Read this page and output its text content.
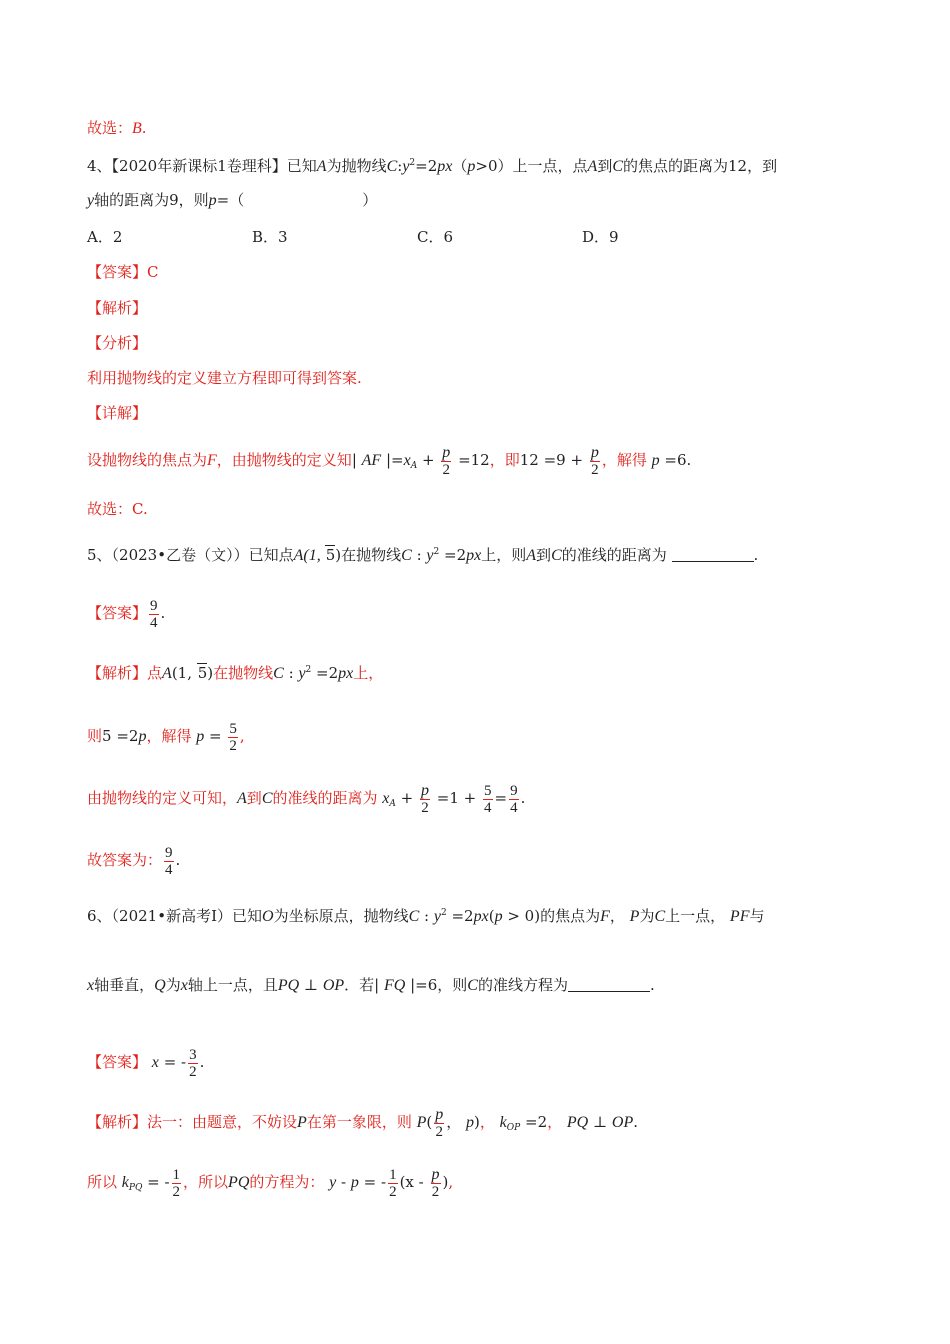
故选：B.
4、【2020年新课标1卷理科】已知A为抛物线$C:y^2=2px(p>0)$上一点，点A到C的焦点的距离为12，到
y轴的距离为9，则p=（	）
A．2	B．3	C．6	D．9
【答案】C
【解析】
【分析】
利用抛物线的定义建立方程即可得到答案.
【详解】
设抛物线的焦点为F，由抛物线的定义知| AF $|=x_A + \frac{p}{2} =12$，即$12 =9 + \frac{p}{2}$ ，解得 p =6.
故选：C.
5、（2023•乙卷（文））已知点A(1, 5)在抛物线C : $y^2 =2px$上，则A到C的准线的距离为	.
【答案】 $\frac{9}{4}$ .
【解析】点A(1, 5)在抛物线C : $y^2 =2px$上，
则5 =2p，解得 $p = \frac{5}{2}$ ,
由抛物线的定义可知，A到C的准线的距离为 $x_A + \frac{p}{2} =1 + \frac{5}{4} = \frac{9}{4}$ .
故答案为： $\frac{9}{4}$ .
6、（2021•新高考Ⅰ）已知O为坐标原点，抛物线C : $y^2 =2px(p > 0)$的焦点为F， P为C上一点， PF与
x轴垂直，Q为x轴上一点，且PQ ⊥ OP．若| FQ |=6，则C的准线方程为	.
【答案】 x = - $\frac{3}{2}$ .
【解析】法一：由题意，不妨设P在第一象限，则 $P( \frac{p}{2}$ ， p)， $k_{OP} =2$， PQ ⊥ OP.
所以 $k_{PQ}$ = - $\frac{1}{2}$ ，所以PQ的方程为： y - p = - $\frac{1}{2} (x - \frac{p}{2}$ ),
